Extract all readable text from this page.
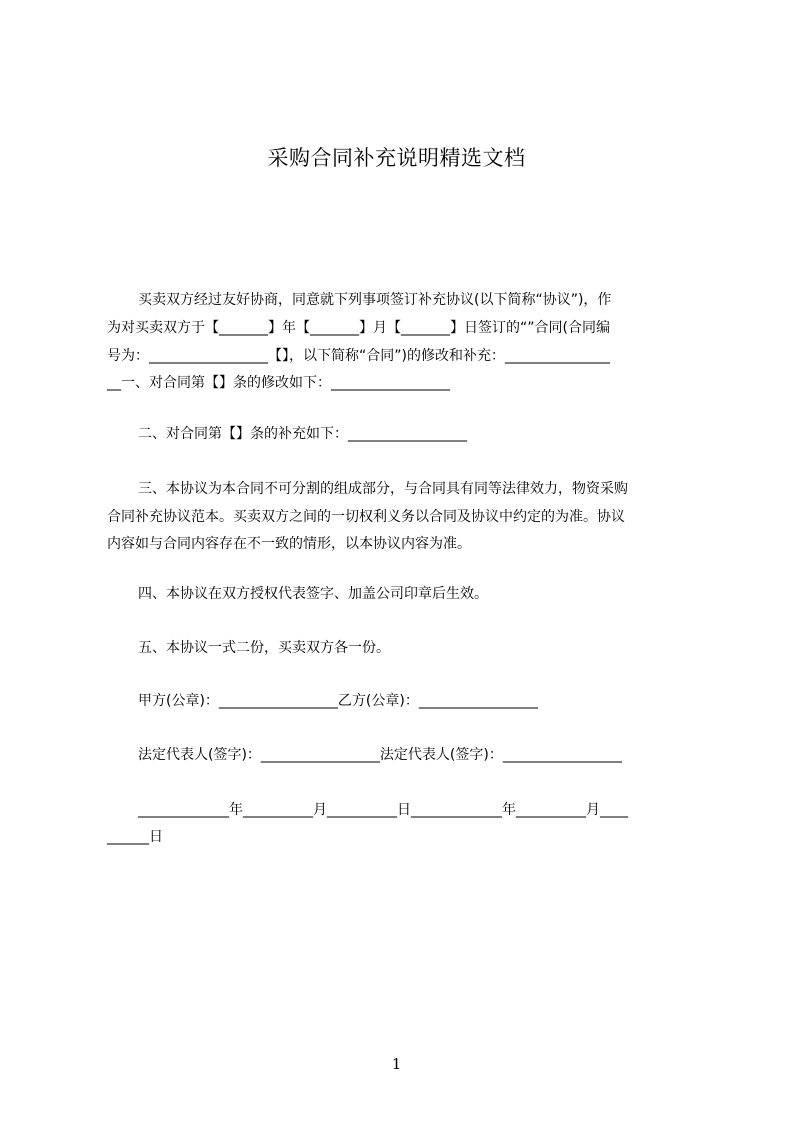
采购合同补充说明精选文档
买卖双方经过友好协商，同意就下列事项签订补充协议(以下简称“协议”)，作
为对买卖双方于【_______】年【_______】月【_______】日签订的“”合同(合同编
号为：_________________【】，以下简称“合同”)的修改和补充：_______________
__一、对合同第【】条的修改如下：_________________
二、对合同第【】条的补充如下：_________________
三、本协议为本合同不可分割的组成部分，与合同具有同等法律效力，物资采购
合同补充协议范本。买卖双方之间的一切权利义务以合同及协议中约定的为准。协议
内容如与合同内容存在不一致的情形，以本协议内容为准。
四、本协议在双方授权代表签字、加盖公司印章后生效。
五、本协议一式二份，买卖双方各一份。
甲方(公章)：_________________乙方(公章)：_________________
法定代表人(签字)：_________________法定代表人(签字)：_________________
_____________年__________月__________日_____________年__________月____
______日
1
